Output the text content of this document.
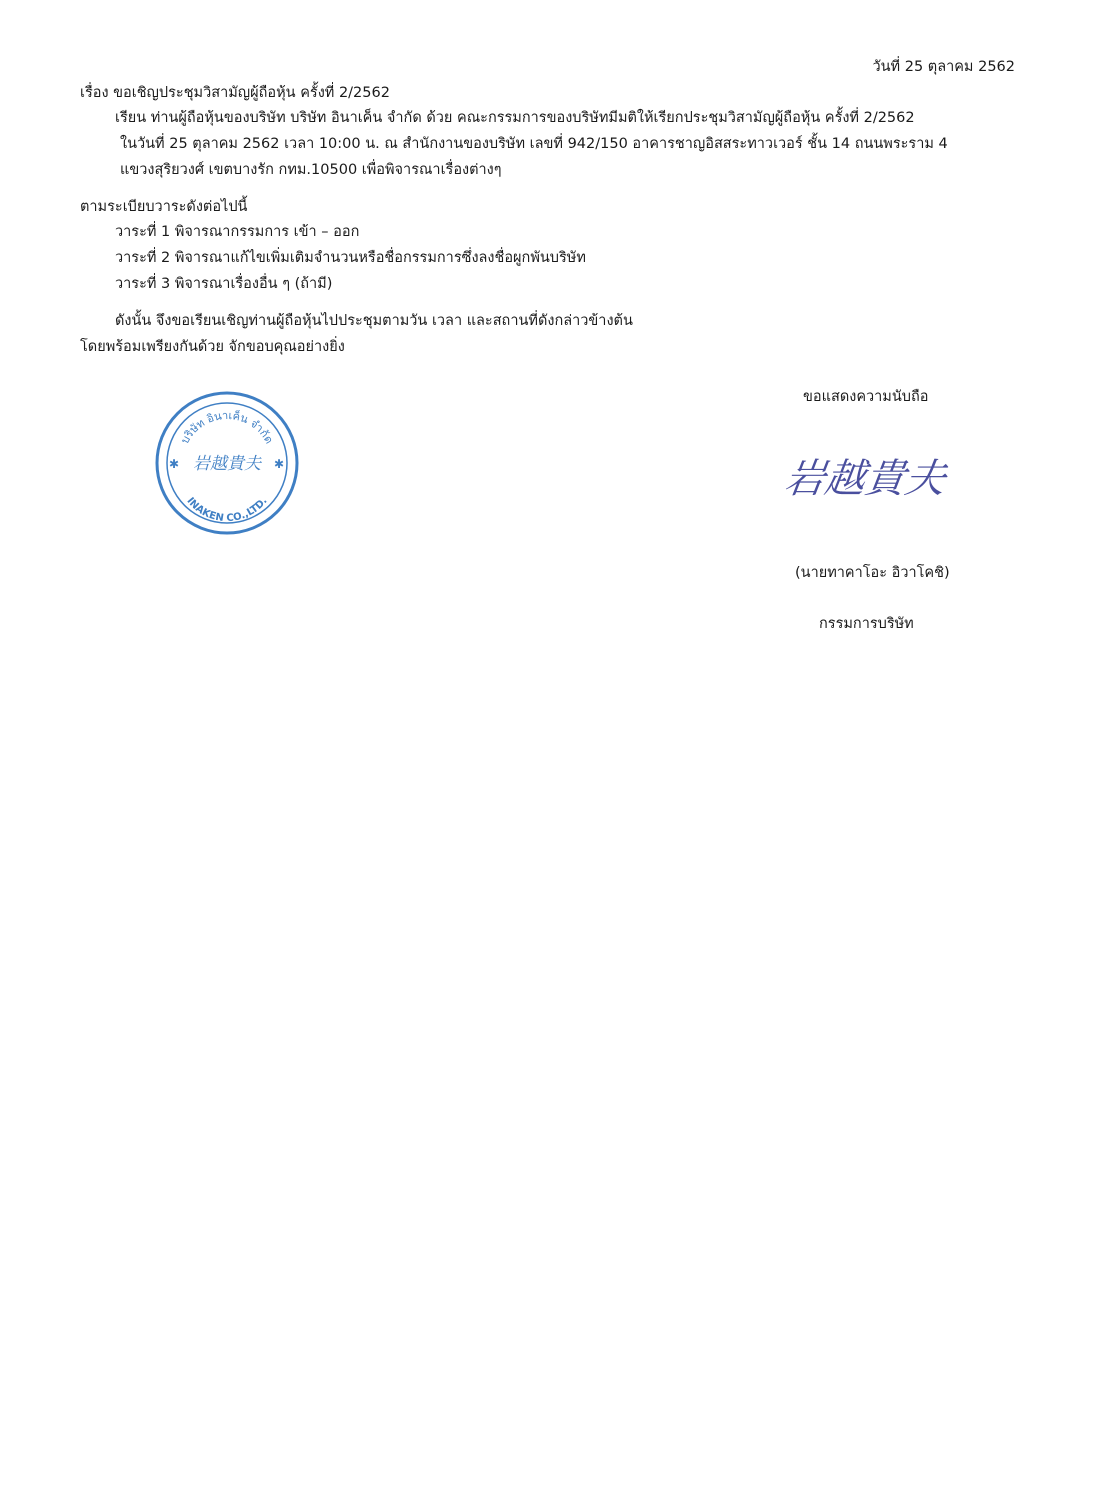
วันที่ 25 ตุลาคม 2562
เรื่อง ขอเชิญประชุมวิสามัญผู้ถือหุ้น ครั้งที่ 2/2562
เรียน ท่านผู้ถือหุ้นของบริษัท บริษัท อินาเค็น จำกัด ด้วย คณะกรรมการของบริษัทมีมติให้เรียกประชุมวิสามัญผู้ถือหุ้น ครั้งที่ 2/2562
ในวันที่ 25 ตุลาคม 2562 เวลา 10:00 น. ณ สำนักงานของบริษัท เลขที่ 942/150 อาคารชาญอิสสระทาวเวอร์ ชั้น 14 ถนนพระราม 4
แขวงสุริยวงศ์ เขตบางรัก กทม.10500 เพื่อพิจารณาเรื่องต่างๆ
ตามระเบียบวาระดังต่อไปนี้
วาระที่ 1 พิจารณากรรมการ เข้า – ออก
วาระที่ 2 พิจารณาแก้ไขเพิ่มเติมจำนวนหรือชื่อกรรมการซึ่งลงชื่อผูกพันบริษัท
วาระที่ 3 พิจารณาเรื่องอื่น ๆ (ถ้ามี)
ดังนั้น จึงขอเรียนเชิญท่านผู้ถือหุ้นไปประชุมตามวัน เวลา และสถานที่ดังกล่าวข้างต้น
โดยพร้อมเพรียงกันด้วย จักขอบคุณอย่างยิ่ง
บริษัท อินาเค็น จำกัด
INAKEN CO.,LTD.
✱	✱
岩越貴夫
ขอแสดงความนับถือ
岩越貴夫
(นายทาคาโอะ อิวาโคชิ)
กรรมการบริษัท
